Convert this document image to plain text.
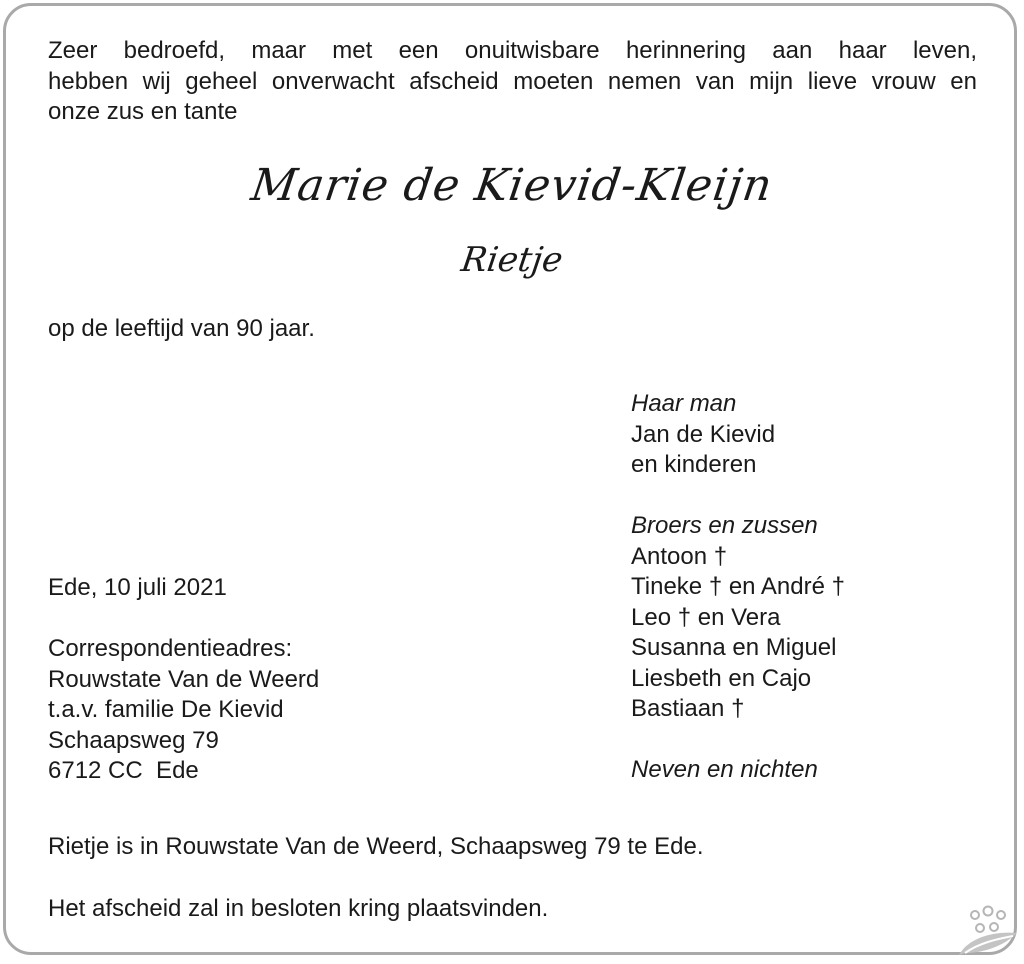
Zeer bedroefd, maar met een onuitwisbare herinnering aan haar leven,
hebben wij geheel onverwacht afscheid moeten nemen van mijn lieve vrouw en
onze zus en tante
Marie de Kievid-Kleijn
Rietje
op de leeftijd van 90 jaar.
Haar man
Jan de Kievid
en kinderen
Broers en zussen
Antoon †
Tineke † en André †
Leo † en Vera
Susanna en Miguel
Liesbeth en Cajo
Bastiaan †
Neven en nichten
Ede, 10 juli 2021
Correspondentieadres:
Rouwstate Van de Weerd
t.a.v. familie De Kievid
Schaapsweg 79
6712 CC  Ede
Rietje is in Rouwstate Van de Weerd, Schaapsweg 79 te Ede.
Het afscheid zal in besloten kring plaatsvinden.
